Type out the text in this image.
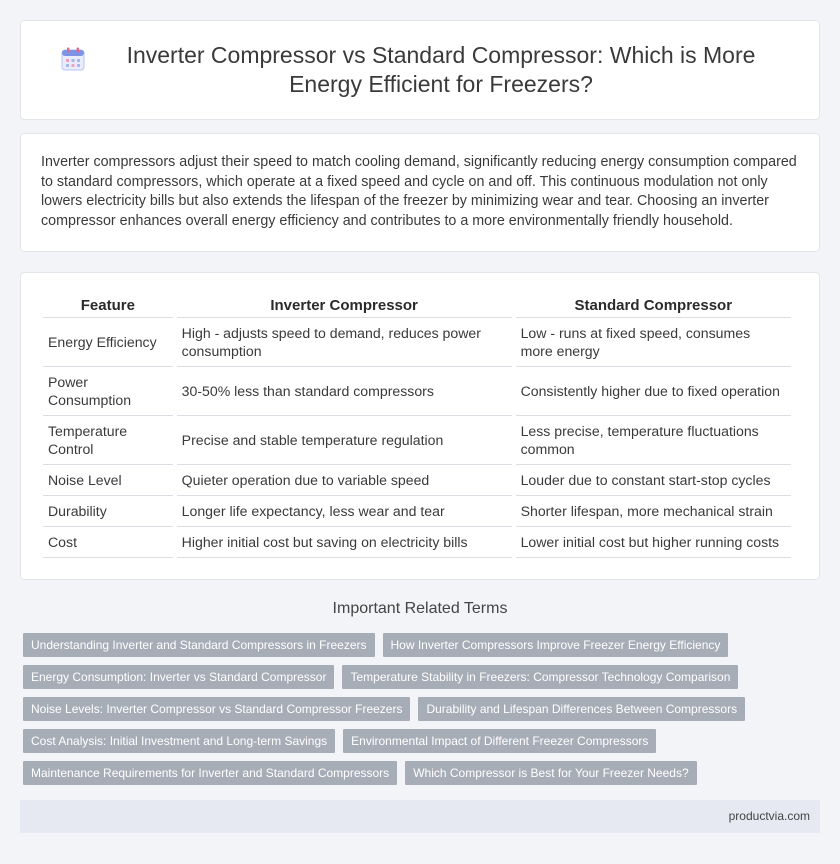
Inverter Compressor vs Standard Compressor: Which is More Energy Efficient for Freezers?

Inverter compressors adjust their speed to match cooling demand, significantly reducing energy consumption compared to standard compressors, which operate at a fixed speed and cycle on and off. This continuous modulation not only lowers electricity bills but also extends the lifespan of the freezer by minimizing wear and tear. Choosing an inverter compressor enhances overall energy efficiency and contributes to a more environmentally friendly household.

Feature	Inverter Compressor	Standard Compressor
Energy Efficiency	High - adjusts speed to demand, reduces power consumption	Low - runs at fixed speed, consumes more energy
Power Consumption	30-50% less than standard compressors	Consistently higher due to fixed operation
Temperature Control	Precise and stable temperature regulation	Less precise, temperature fluctuations common
Noise Level	Quieter operation due to variable speed	Louder due to constant start-stop cycles
Durability	Longer life expectancy, less wear and tear	Shorter lifespan, more mechanical strain
Cost	Higher initial cost but saving on electricity bills	Lower initial cost but higher running costs
Important Related Terms
Understanding Inverter and Standard Compressors in Freezers	How Inverter Compressors Improve Freezer Energy Efficiency
Energy Consumption: Inverter vs Standard Compressor	Temperature Stability in Freezers: Compressor Technology Comparison
Noise Levels: Inverter Compressor vs Standard Compressor Freezers	Durability and Lifespan Differences Between Compressors
Cost Analysis: Initial Investment and Long-term Savings	Environmental Impact of Different Freezer Compressors
Maintenance Requirements for Inverter and Standard Compressors	Which Compressor is Best for Your Freezer Needs?
productvia.com
